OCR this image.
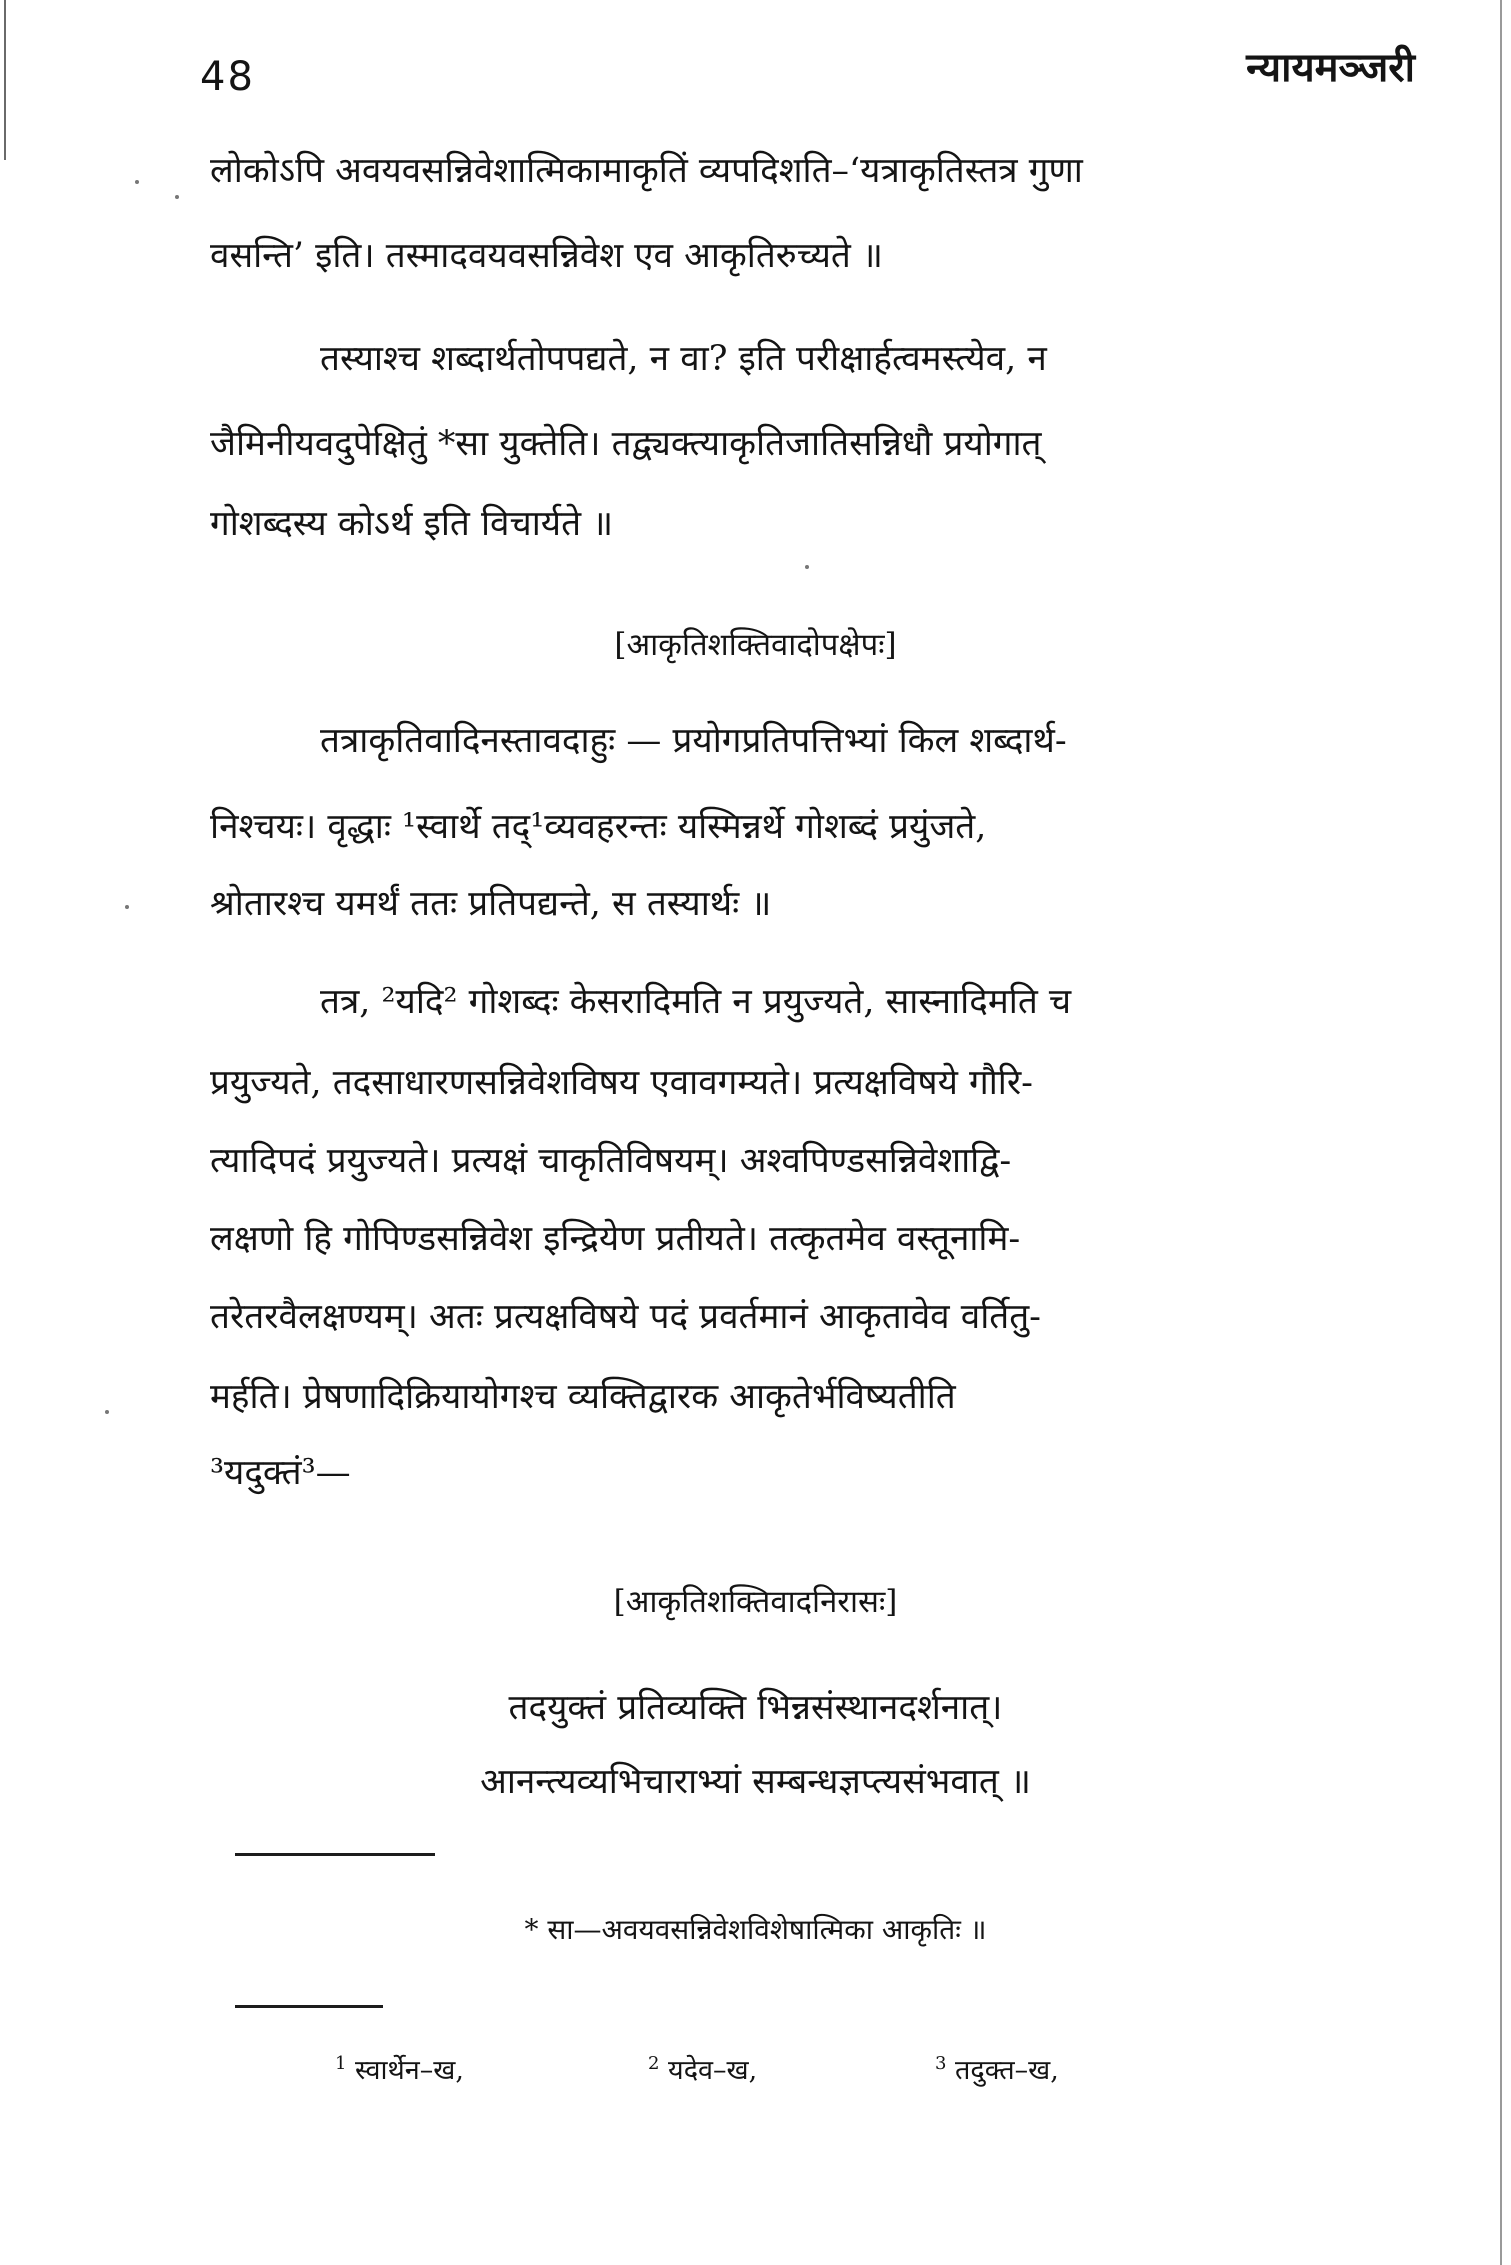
48	न्यायमञ्जरी
लोकोऽपि अवयवसन्निवेशात्मिकामाकृतिं व्यपदिशति–‘यत्राकृतिस्तत्र गुणा
वसन्ति’ इति। तस्मादवयवसन्निवेश एव आकृतिरुच्यते ॥
तस्याश्च शब्दार्थतोपपद्यते, न वा? इति परीक्षार्हत्वमस्त्येव, न
जैमिनीयवदुपेक्षितुं *सा युक्तेति। तद्व्यक्त्याकृतिजातिसन्निधौ प्रयोगात्
गोशब्दस्य कोऽर्थ इति विचार्यते ॥
[आकृतिशक्तिवादोपक्षेपः]
तत्राकृतिवादिनस्तावदाहुः — प्रयोगप्रतिपत्तिभ्यां किल शब्दार्थ-
निश्चयः। वृद्धाः ¹स्वार्थे तद्¹व्यवहरन्तः यस्मिन्नर्थे गोशब्दं प्रयुंजते,
श्रोतारश्च यमर्थं ततः प्रतिपद्यन्ते, स तस्यार्थः ॥
तत्र, ²यदि² गोशब्दः केसरादिमति न प्रयुज्यते, सास्नादिमति च
प्रयुज्यते, तदसाधारणसन्निवेशविषय एवावगम्यते। प्रत्यक्षविषये गौरि-
त्यादिपदं प्रयुज्यते। प्रत्यक्षं चाकृतिविषयम्। अश्वपिण्डसन्निवेशाद्वि-
लक्षणो हि गोपिण्डसन्निवेश इन्द्रियेण प्रतीयते। तत्कृतमेव वस्तूनामि-
तरेतरवैलक्षण्यम्। अतः प्रत्यक्षविषये पदं प्रवर्तमानं आकृतावेव वर्तितु-
मर्हति। प्रेषणादिक्रियायोगश्च व्यक्तिद्वारक आकृतेर्भविष्यतीति
³यदुक्तं³—
[आकृतिशक्तिवादनिरासः]
तदयुक्तं प्रतिव्यक्ति भिन्नसंस्थानदर्शनात्।
आनन्त्यव्यभिचाराभ्यां सम्बन्धज्ञप्त्यसंभवात् ॥
* सा—अवयवसन्निवेशविशेषात्मिका आकृतिः ॥
$^1$ स्वार्थेन–ख,	$^2$ यदेव–ख,	$^3$ तदुक्त–ख,
